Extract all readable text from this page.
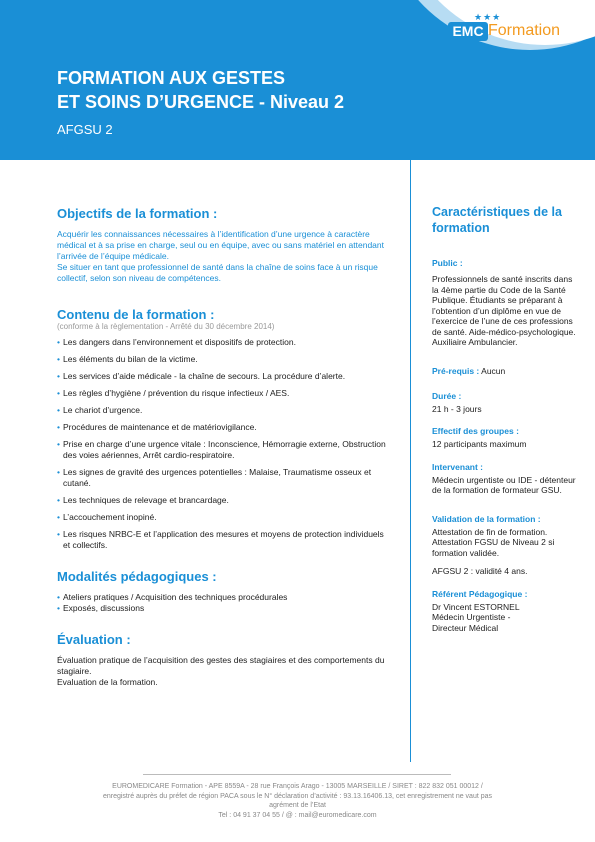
★★★
EMC Formation
FORMATION AUX GESTES
ET SOINS D’URGENCE - Niveau 2

AFGSU 2

Objectifs de la formation :

Acquérir les connaissances nécessaires à l’identification d’une urgence à caractère médical et à sa prise en charge, seul ou en équipe, avec ou sans matériel en attendant l’arrivée de l’équipe médicale.

Se situer en tant que professionnel de santé dans la chaîne de soins face à un risque collectif, selon son niveau de compétences.

Contenu de la formation :

(conforme à la règlementation - Arrêté du 30 décembre 2014)

• Les dangers dans l’environnement et dispositifs de protection.
• Les éléments du bilan de la victime.
• Les services d’aide médicale - la chaîne de secours. La procédure d’alerte.
• Les règles d’hygiène / prévention du risque infectieux / AES.
• Le chariot d’urgence.
• Procédures de maintenance et de matériovigilance.
• Prise en charge d’une urgence vitale : Inconscience, Hémorragie externe, Obstruction des voies aériennes, Arrêt cardio-respiratoire.
• Les signes de gravité des urgences potentielles : Malaise, Traumatisme osseux et cutané.
• Les techniques de relevage et brancardage.
• L’accouchement inopiné.
• Les risques NRBC-E et l’application des mesures et moyens de protection individuels et collectifs.
Modalités pédagogiques :
• Ateliers pratiques / Acquisition des techniques procédurales
• Exposés, discussions
Évaluation :

Évaluation pratique de l’acquisition des gestes des stagiaires et des comportements du stagiaire.

Evaluation de la formation.

Caractéristiques de la formation

Public :

Professionnels de santé inscrits dans la 4ème partie du Code de la Santé Publique. Étudiants se préparant à l’obtention d’un diplôme en vue de l’exercice de l’une de ces professions de santé. Aide-médico-psychologique. Auxiliaire Ambulancier.

Pré-requis : Aucun

Durée :

21 h - 3 jours

Effectif des groupes :

12 participants maximum

Intervenant :

Médecin urgentiste ou IDE - détenteur de la formation de formateur GSU.

Validation de la formation :

Attestation de fin de formation. Attestation FGSU de Niveau 2 si formation validée.

AFGSU 2 : validité 4 ans.

Référent Pédagogique :

Dr Vincent ESTORNEL

Médecin Urgentiste -

Directeur Médical

EUROMEDICARE Formation - APE 8559A - 28 rue François Arago - 13005 MARSEILLE / SIRET : 822 832 051 00012 /

enregistré auprès du préfet de région PACA sous le N° déclaration d’activité : 93.13.16406.13, cet enregistrement ne vaut pas

agrément de l’Etat

Tel : 04 91 37 04 55 / @ : mail@euromedicare.com
